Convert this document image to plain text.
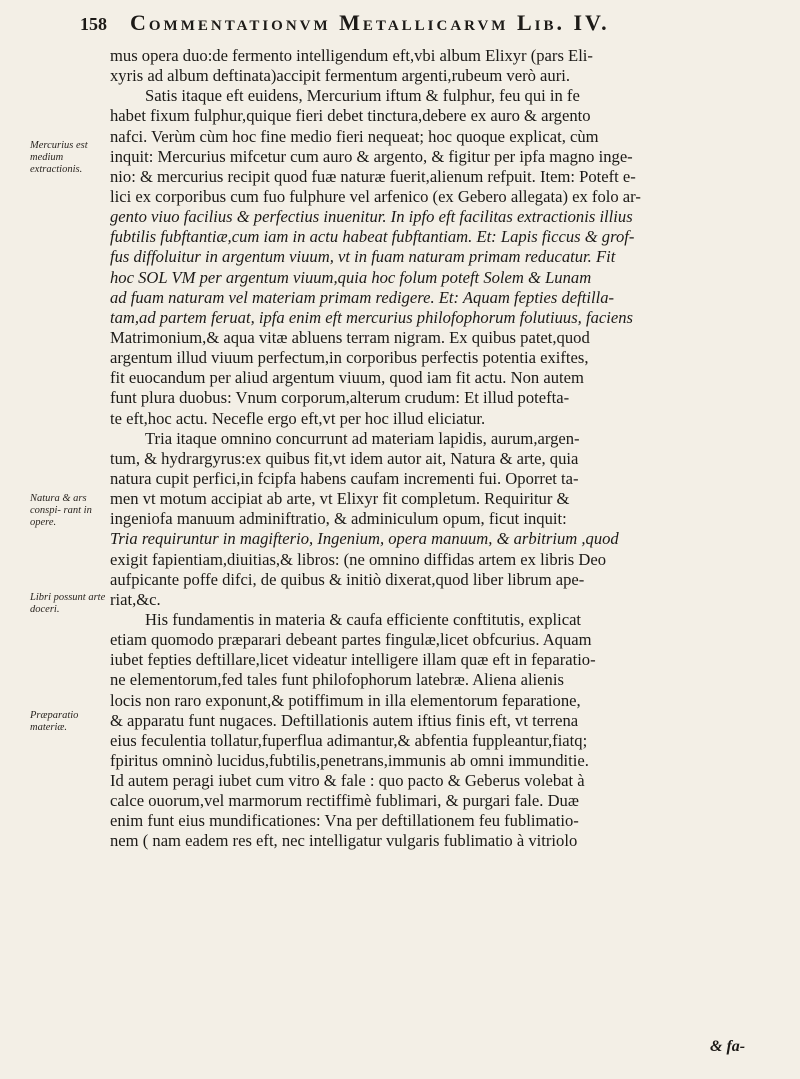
158 Commentationvm Metallicarvm Lib. IV.
mus opera duo:de fermento intelligendum eft,vbi album Elixyr (pars Eli-
xyris ad album deftinata)accipit fermentum argenti,rubeum verò auri.
Satis itaque eft euidens, Mercurium iftum & fulphur, feu qui in fe
habet fixum fulphur,quique fieri debet tinctura,debere ex auro & argento
nafci. Verùm cùm hoc fine medio fieri nequeat; hoc quoque explicat, cùm
inquit: Mercurius mifcetur cum auro & argento, & figitur per ipfa magno inge-
nio: & mercurius recipit quod fuæ naturæ fuerit,alienum refpuit. Item: Poteft e-
lici ex corporibus cum fuo fulphure vel arfenico (ex Gebero allegata) ex folo ar-
gento viuo facilius & perfectius inuenitur. In ipfo eft facilitas extractionis illius
fubtilis fubftantiæ,cum iam in actu habeat fubftantiam. Et: Lapis ficcus & grof-
fus diffoluitur in argentum viuum, vt in fuam naturam primam reducatur. Fit
hoc SOL VM per argentum viuum,quia hoc folum poteft Solem & Lunam
ad fuam naturam vel materiam primam redigere. Et: Aquam fepties deftilla-
tam,ad partem feruat, ipfa enim eft mercurius philofophorum folutiuus, faciens
Matrimonium,& aqua vitæ abluens terram nigram. Ex quibus patet,quod
argentum illud viuum perfectum,in corporibus perfectis potentia exiftes,
fit euocandum per aliud argentum viuum, quod iam fit actu. Non autem
funt plura duobus: Vnum corporum,alterum crudum: Et illud potefta-
te eft,hoc actu. Necefle ergo eft,vt per hoc illud eliciatur.
Tria itaque omnino concurrunt ad materiam lapidis, aurum,argen-
tum, & hydrargyrus:ex quibus fit,vt idem autor ait, Natura & arte, quia
natura cupit perfici,in fcipfa habens caufam incrementi fui. Oporret ta-
men vt motum accipiat ab arte, vt Elixyr fit completum. Requiritur &
ingeniofa manuum adminiftratio, & adminiculum opum, ficut inquit:
Tria requiruntur in magifterio, Ingenium, opera manuum, & arbitrium ,quod
exigit fapientiam,diuitias,& libros: (ne omnino diffidas artem ex libris Deo
aufpicante poffe difci, de quibus & initiò dixerat,quod liber librum ape-
riat,&c.
His fundamentis in materia & caufa efficiente conftitutis, explicat
etiam quomodo præparari debeant partes fingulæ,licet obfcurius. Aquam
iubet fepties deftillare,licet videatur intelligere illam quæ eft in feparatio-
ne elementorum,fed tales funt philofophorum latebræ. Aliena alienis
locis non raro exponunt,& potiffimum in illa elementorum feparatione,
& apparatu funt nugaces. Deftillationis autem iftius finis eft, vt terrena
eius feculentia tollatur,fuperflua adimantur,& abfentia fuppleantur,fiatq;
fpiritus omninò lucidus,fubtilis,penetrans,immunis ab omni immunditie.
Id autem peragi iubet cum vitro & fale : quo pacto & Geberus volebat à
calce ouorum,vel marmorum rectiffimè fublimari, & purgari fale. Duæ
enim funt eius mundificationes: Vna per deftillationem feu fublimatio-
nem ( nam eadem res eft, nec intelligatur vulgaris fublimatio à vitriolo
Mercurius est medium extractionis.
Natura & ars conspi- rant in opere.
Libri possunt arte doceri.
Præparatio materiæ.
& fa-
